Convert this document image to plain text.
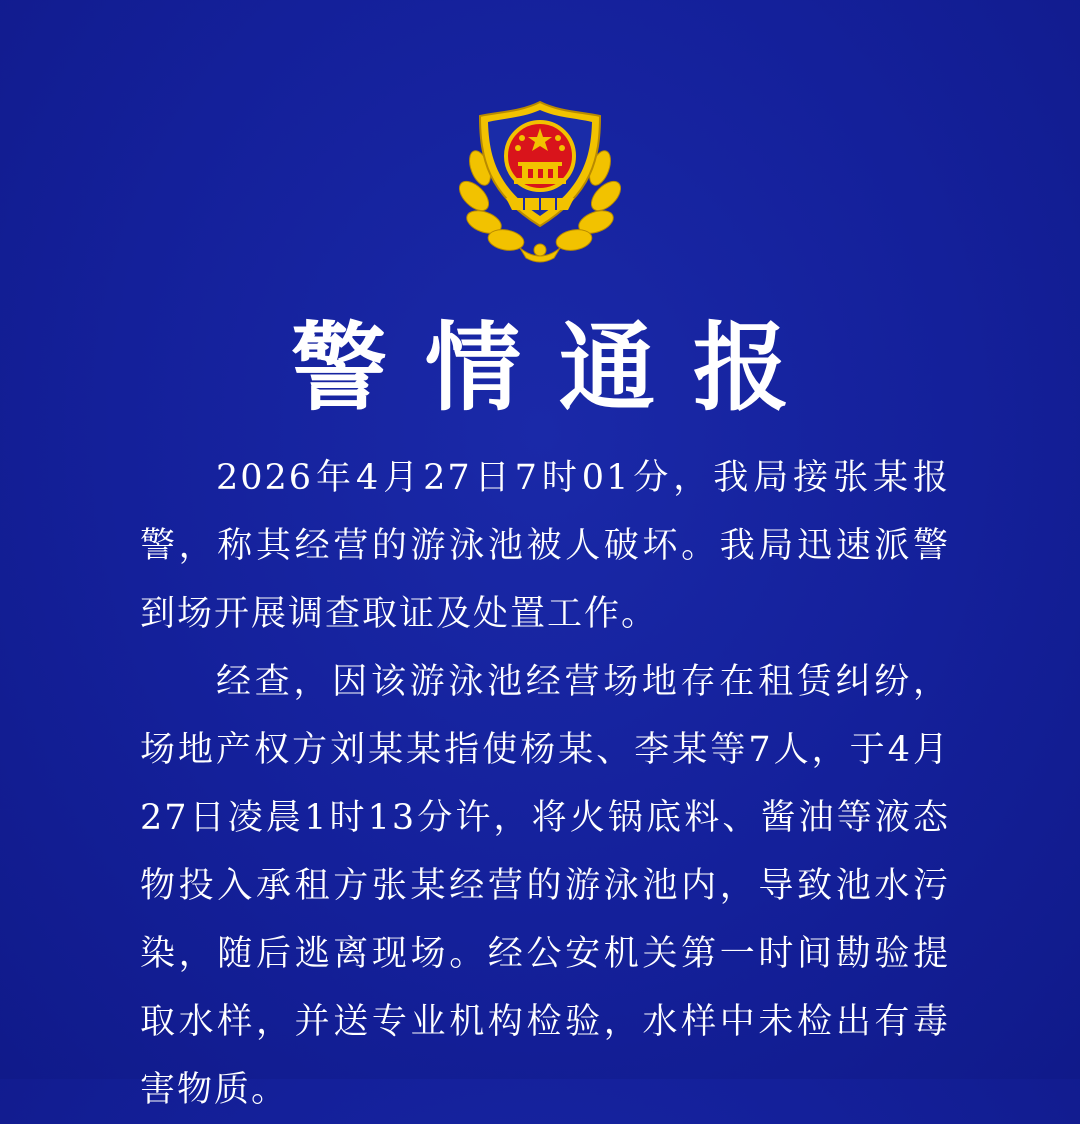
警情通报

2026年4月27日7时01分，我局接张某报警，称其经营的游泳池被人破坏。我局迅速派警到场开展调查取证及处置工作。

经查，因该游泳池经营场地存在租赁纠纷，场地产权方刘某某指使杨某、李某等7人，于4月27日凌晨1时13分许，将火锅底料、酱油等液态物投入承租方张某经营的游泳池内，导致池水污染，随后逃离现场。经公安机关第一时间勘验提取水样，并送专业机构检验，水样中未检出有毒害物质。
